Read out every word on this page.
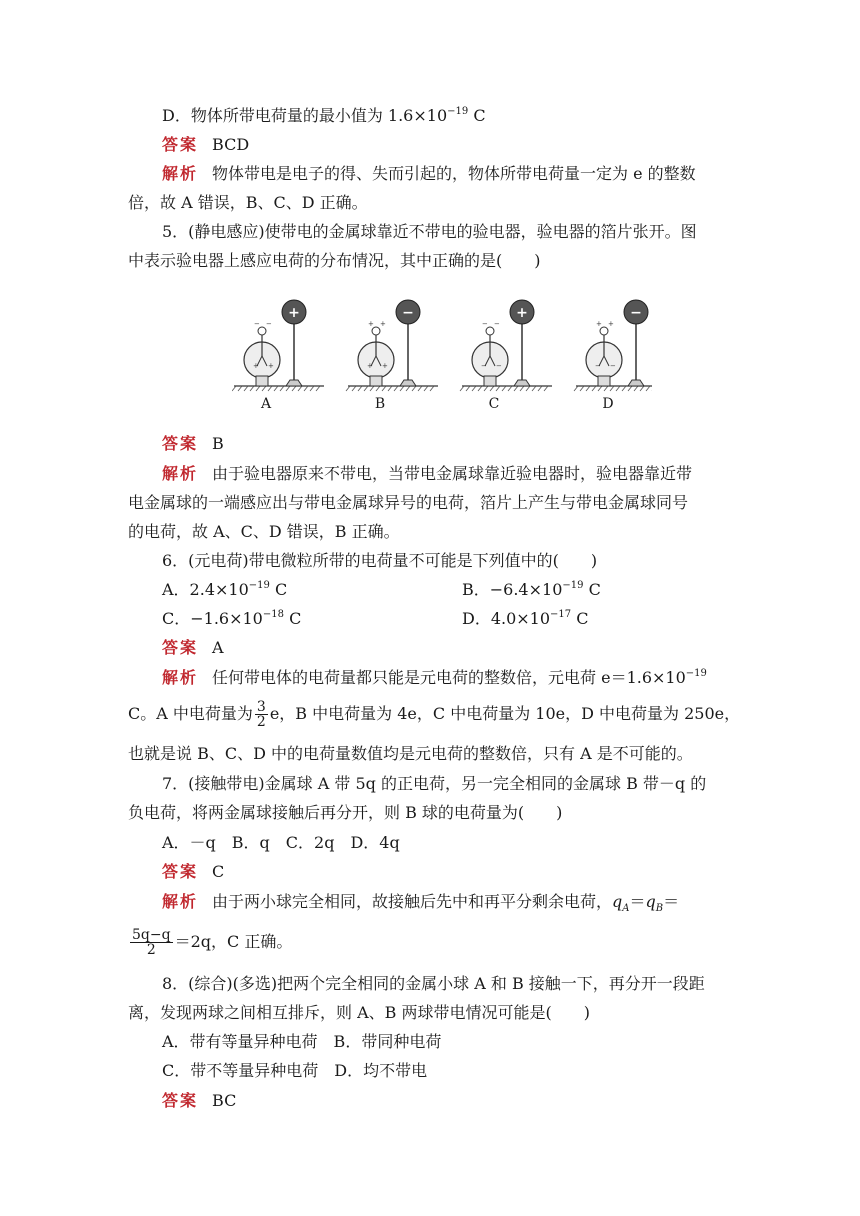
D．物体所带电荷量的最小值为 $1.6\times 10^{-19}$ C
答案 BCD
解析 物体带电是电子的得、失而引起的，物体所带电荷量一定为 e 的整数
倍，故 A 错误，B、C、D 正确。
5．(静电感应)使带电的金属球靠近不带电的验电器，验电器的箔片张开。图
中表示验电器上感应电荷的分布情况，其中正确的是(　　)
− −
+ +
+
A
+ +
+ +
−
B
− −
− −
+
C
+ +
− −
−
D
答案 B
解析 由于验电器原来不带电，当带电金属球靠近验电器时，验电器靠近带
电金属球的一端感应出与带电金属球异号的电荷，箔片上产生与带电金属球同号
的电荷，故 A、C、D 错误，B 正确。
6．(元电荷)带电微粒所带的电荷量不可能是下列值中的(　　)
A．$2.4\times 10^{-19}$ C	B．$-6.4\times 10^{-19}$ C
C．$-1.6\times 10^{-18}$ C	D．$4.0\times 10^{-17}$ C
答案 A
解析 任何带电体的电荷量都只能是元电荷的整数倍，元电荷 $e=1.6\times 10^{-19}$
C。A 中电荷量为 $\frac{3}{2}$ e，B 中电荷量为 4e，C 中电荷量为 10e，D 中电荷量为 250e，
也就是说 B、C、D 中的电荷量数值均是元电荷的整数倍，只有 A 是不可能的。
7．(接触带电)金属球 A 带 5q 的正电荷，另一完全相同的金属球 B 带－q 的
负电荷，将两金属球接触后再分开，则 B 球的电荷量为(　　)
A．－q　B．q　C．2q　D．4q
答案 C
解析 由于两小球完全相同，故接触后先中和再平分剩余电荷，$q_A=q_B=$
$\frac{5q-q}{2} =2q$，C 正确。
8．(综合)(多选)把两个完全相同的金属小球 A 和 B 接触一下，再分开一段距
离，发现两球之间相互排斥，则 A、B 两球带电情况可能是(　　)
A．带有等量异种电荷　B．带同种电荷
C．带不等量异种电荷　D．均不带电
答案 BC
